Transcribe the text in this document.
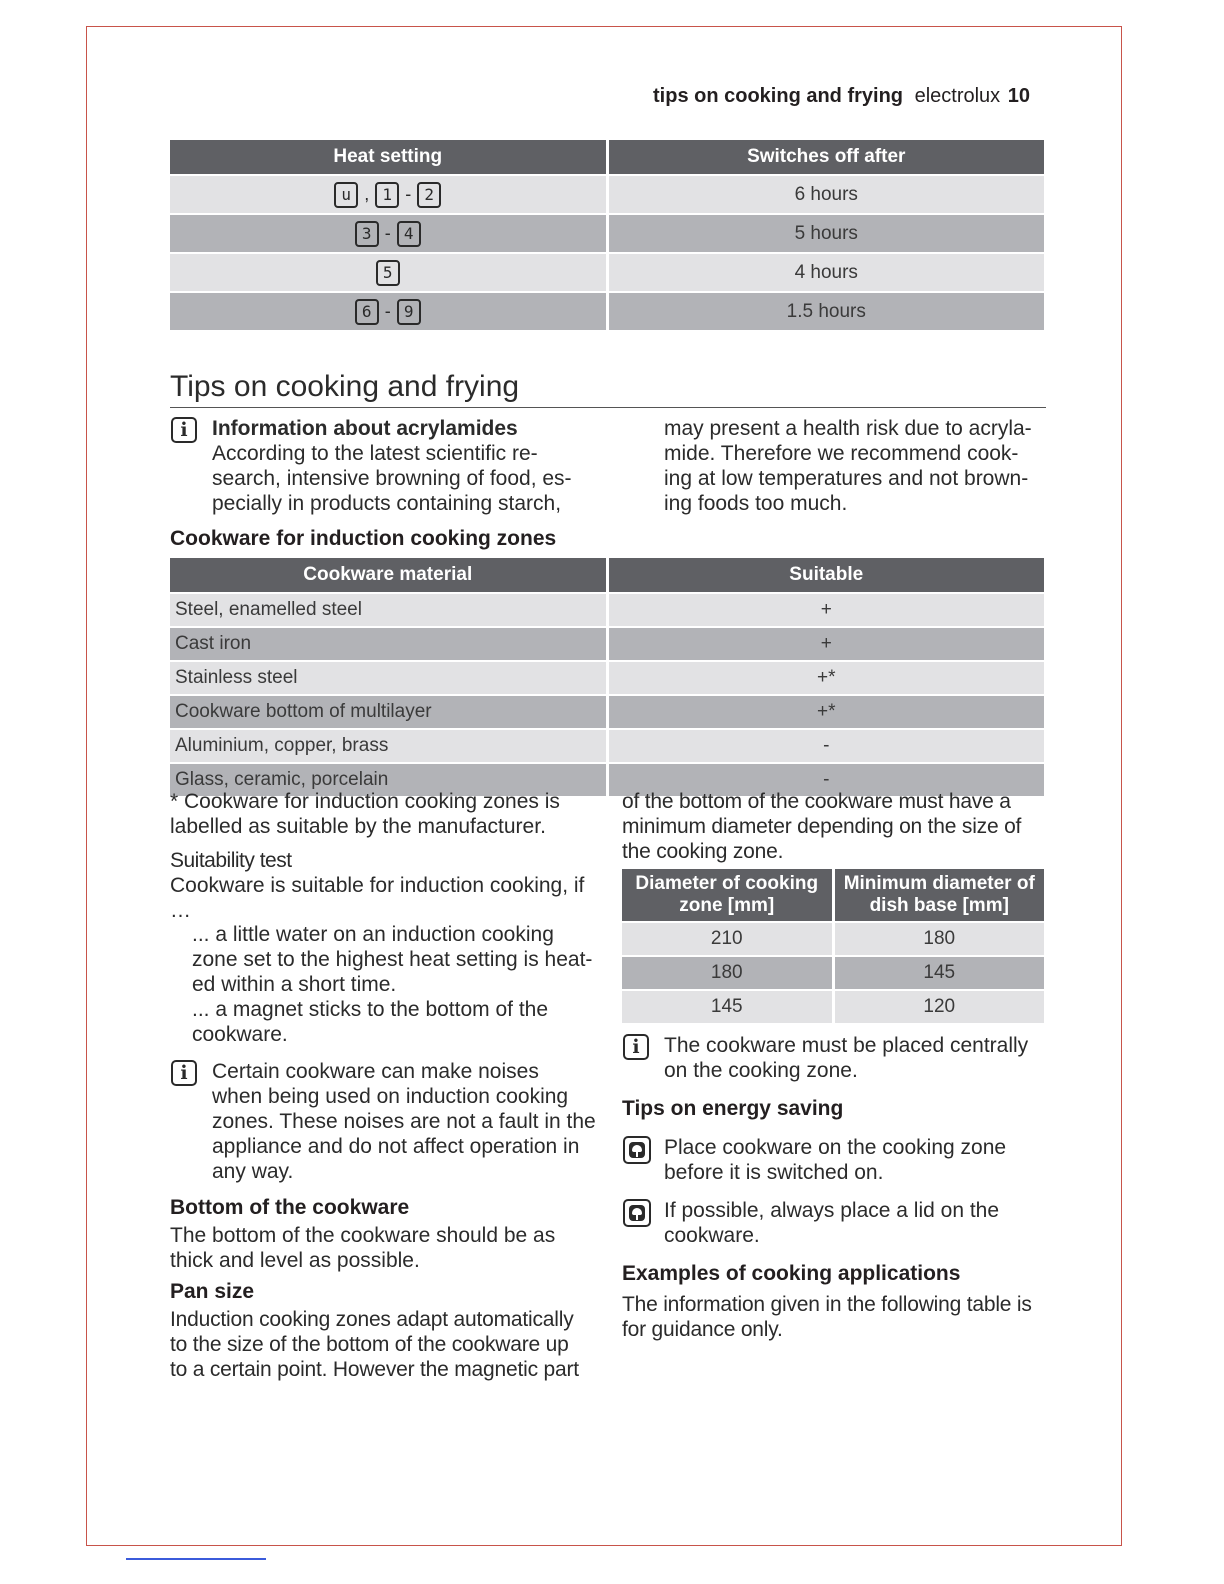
tips on cooking and frying electrolux 10
Heat setting	Switches off after

u , 1 - 2	6 hours

3 - 4	5 hours

5	4 hours

6 - 9	1.5 hours
Tips on cooking and frying
i	Information about acrylamides
According to the latest scientific re-
search, intensive browning of food, es-
pecially in products containing starch,
may present a health risk due to acryla-
mide. Therefore we recommend cook-
ing at low temperatures and not brown-
ing foods too much.
Cookware for induction cooking zones
Cookware material	Suitable
Steel, enamelled steel	+
Cast iron	+
Stainless steel	+*
Cookware bottom of multilayer	+*
Aluminium, copper, brass	-
Glass, ceramic, porcelain	-
* Cookware for induction cooking zones is
labelled as suitable by the manufacturer.
Suitability test
Cookware is suitable for induction cooking, if
…
... a little water on an induction cooking
zone set to the highest heat setting is heat-
ed within a short time.
... a magnet sticks to the bottom of the
cookware.
i	Certain cookware can make noises
when being used on induction cooking
zones. These noises are not a fault in the
appliance and do not affect operation in
any way.
Bottom of the cookware
The bottom of the cookware should be as
thick and level as possible.
Pan size
Induction cooking zones adapt automatically
to the size of the bottom of the cookware up
to a certain point. However the magnetic part
of the bottom of the cookware must have a
minimum diameter depending on the size of
the cooking zone.
Diameter of cooking zone [mm]	Minimum diameter of dish base [mm]
210	180
180	145
145	120
i	The cookware must be placed centrally
on the cooking zone.
Tips on energy saving
Place cookware on the cooking zone
before it is switched on.
If possible, always place a lid on the
cookware.
Examples of cooking applications
The information given in the following table is
for guidance only.
